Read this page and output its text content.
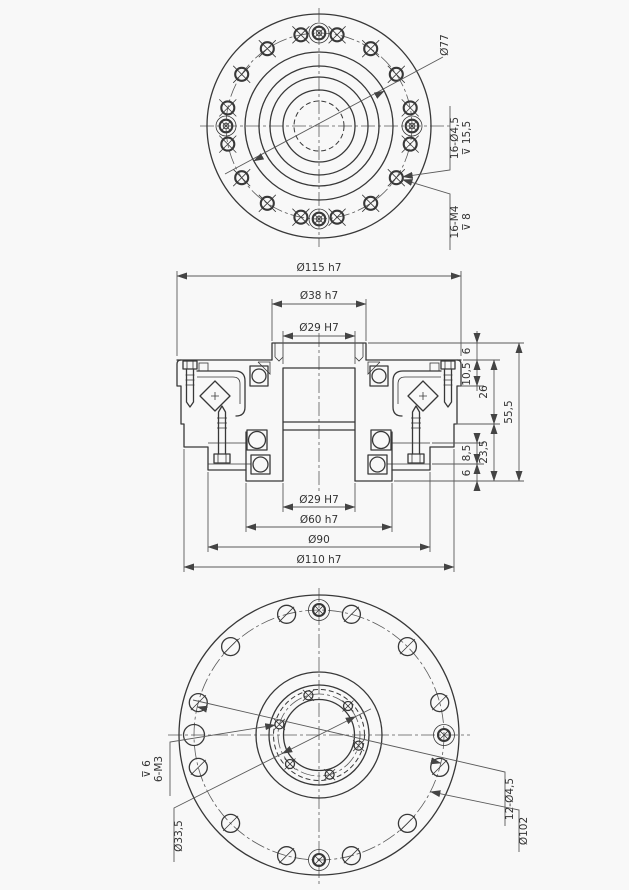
Ø77
16-Ø4,5 ⊽ 15,5
16-M4 ⊽ 8
Ø115 h7
Ø38 h7
Ø29 H7
Ø29 H7
Ø60 h7
Ø90
Ø110 h7
6
10,5
26
23,5
8,5
6
55,5
6-M3
⊽ 6
Ø33,5
12-Ø4,5
Ø102
